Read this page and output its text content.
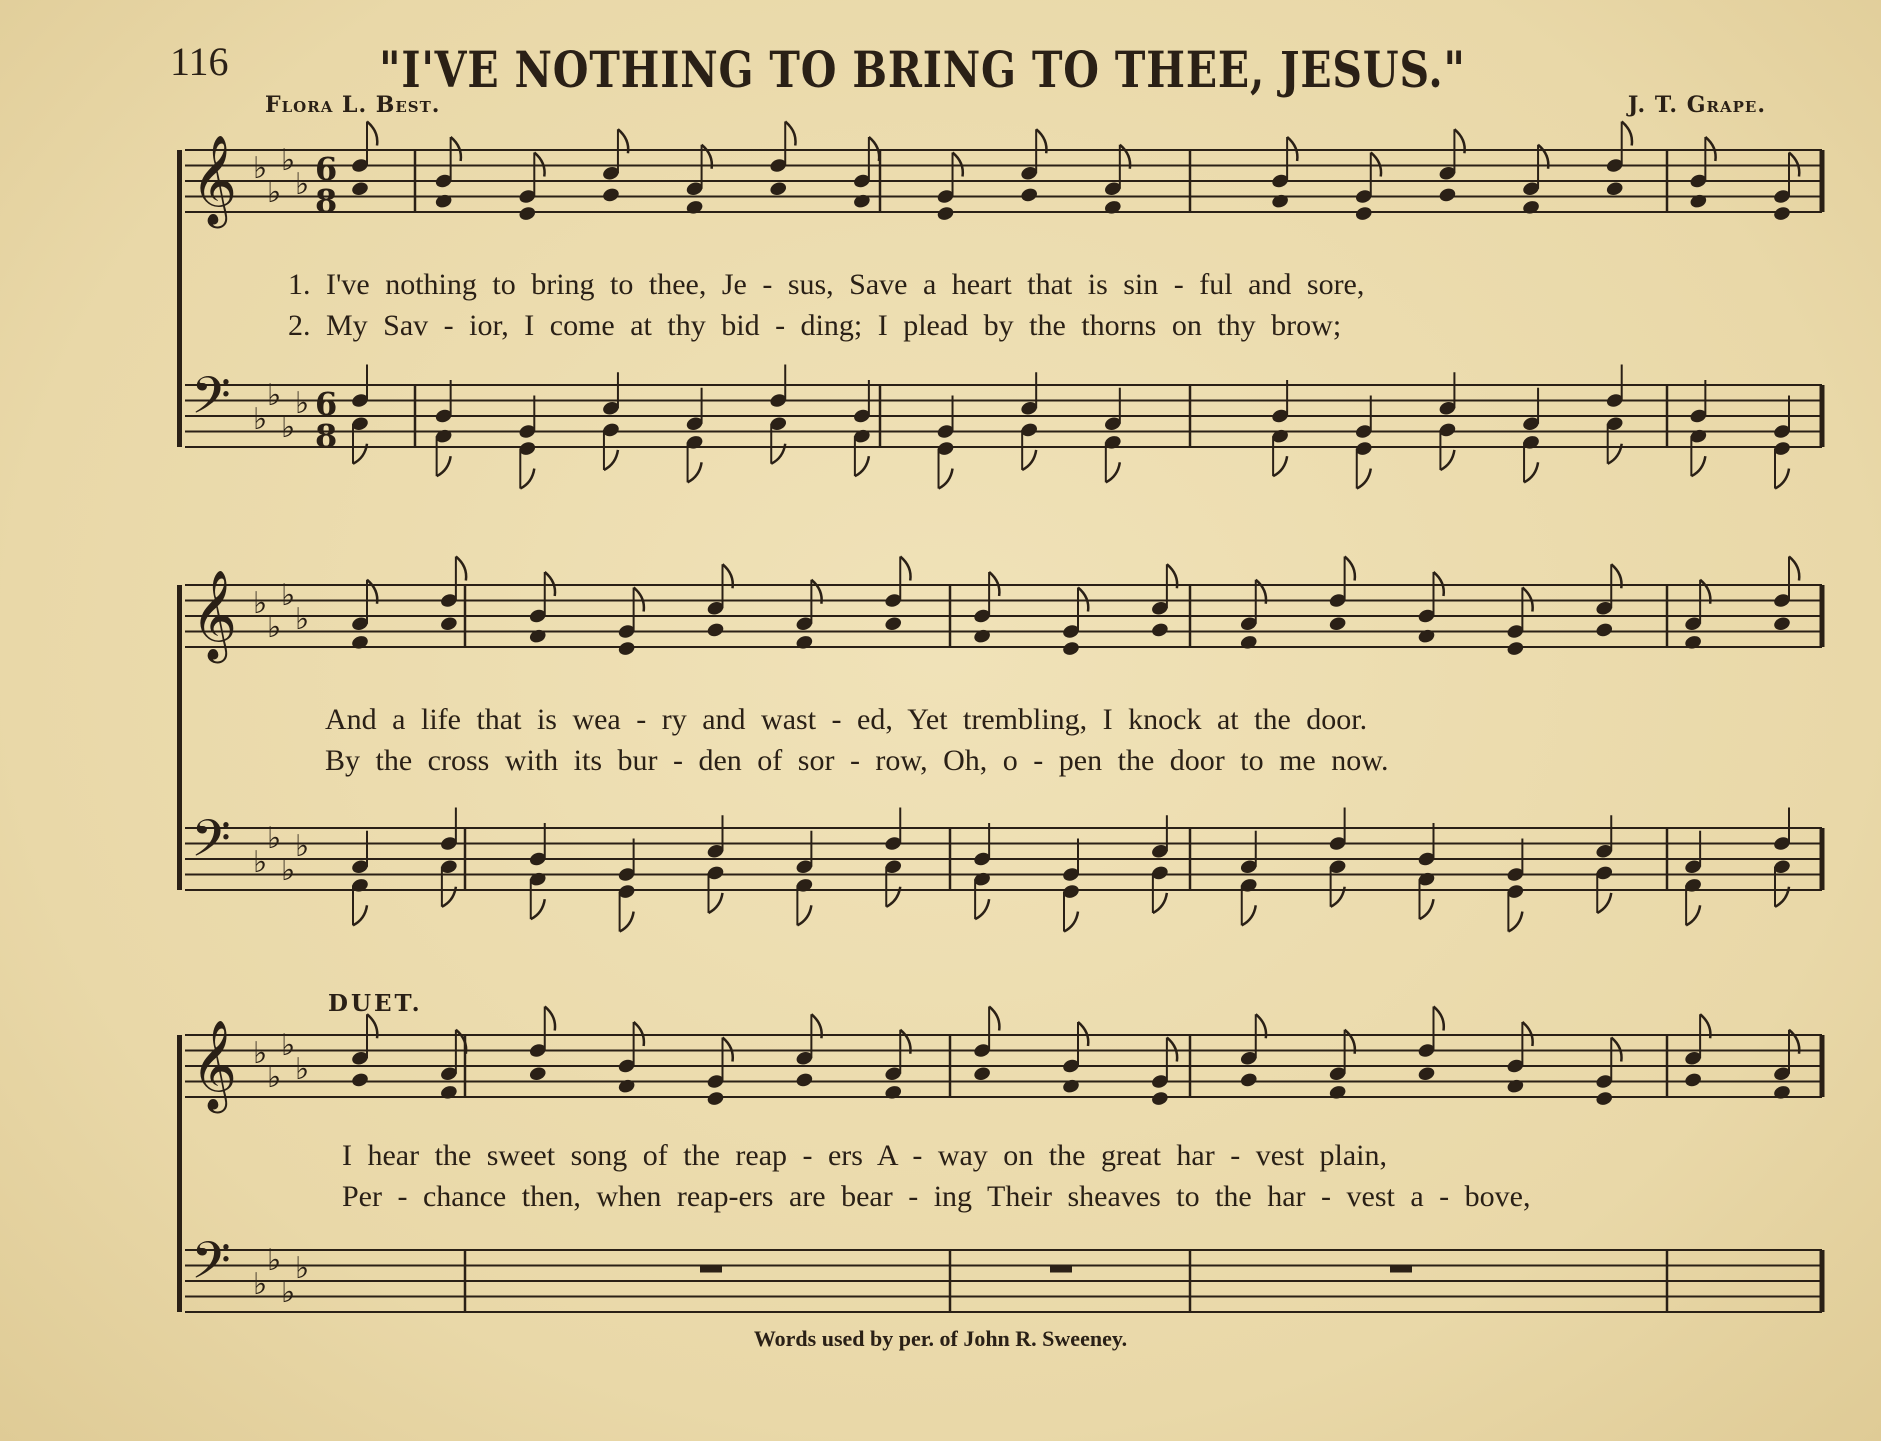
116	"I'VE NOTHING TO BRING TO THEE, JESUS."
Flora L. Best.	J. T. Grape.
𝄞 ♭
♭
♭
♭ 6
8
𝄢 ♭
♭
♭
♭ 6
8
𝄞 ♭
♭
♭
♭
𝄢 ♭
♭
♭
♭
𝄞 ♭
♭
♭
♭
𝄢 ♭
♭
♭
♭
1. I've nothing to bring to thee, Je - sus, Save a heart that is sin - ful and sore,
2. My Sav - ior, I come at thy bid - ding; I plead by the thorns on thy brow;
And a life that is wea - ry and wast - ed, Yet trembling, I knock at the door.
By the cross with its bur - den of sor - row, Oh, o - pen the door to me now.
DUET.
I hear the sweet song of the reap - ers A - way on the great har - vest plain,
Per - chance then, when reap-ers are bear - ing Their sheaves to the har - vest a - bove,
Words used by per. of John R. Sweeney.
